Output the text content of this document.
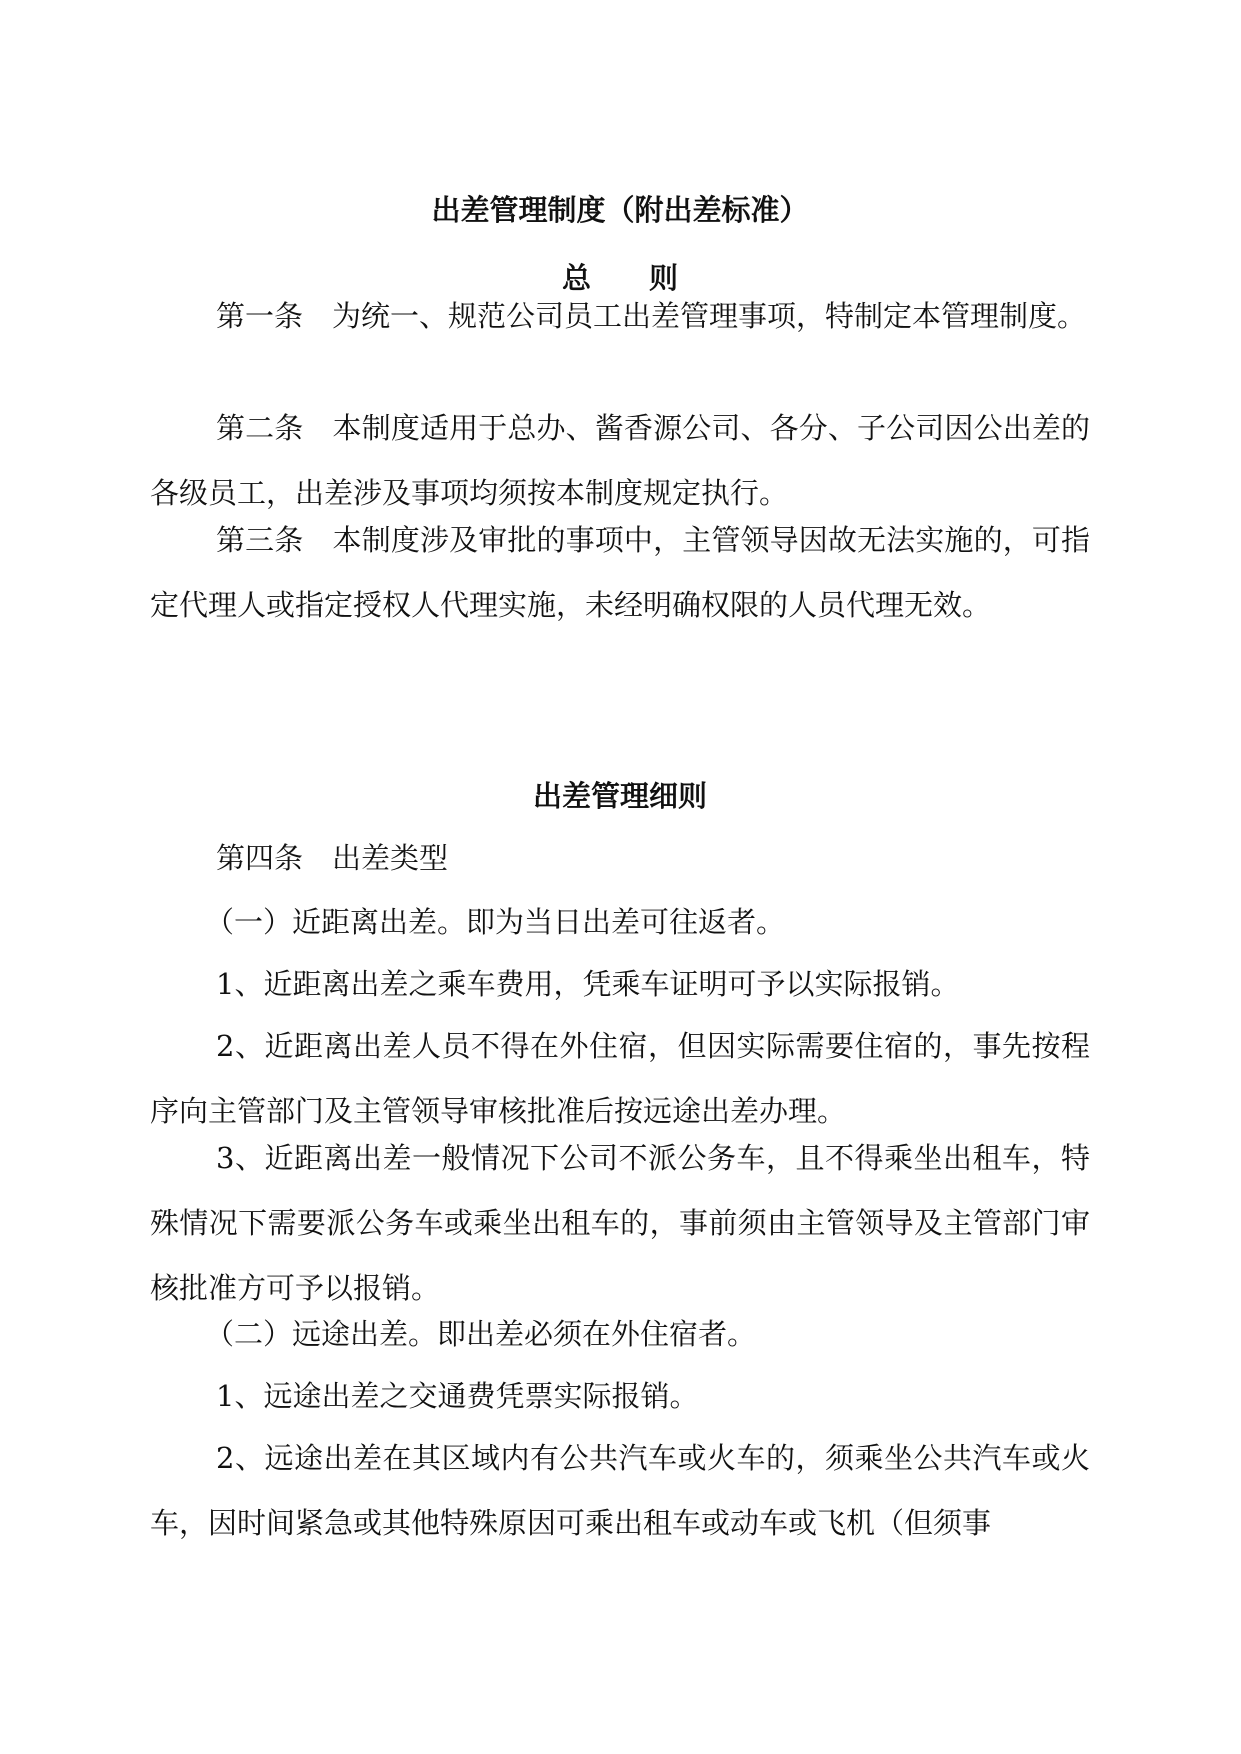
出差管理制度（附出差标准）
总　　则

第一条 为统一、规范公司员工出差管理事项，特制定本管理制度。

第二条 本制度适用于总办、酱香源公司、各分、子公司因公出差的各级员工，出差涉及事项均须按本制度规定执行。

第三条 本制度涉及审批的事项中，主管领导因故无法实施的，可指定代理人或指定授权人代理实施，未经明确权限的人员代理无效。

出差管理细则

第四条 出差类型

（一）近距离出差。即为当日出差可往返者。

1、近距离出差之乘车费用，凭乘车证明可予以实际报销。

2、近距离出差人员不得在外住宿，但因实际需要住宿的，事先按程序向主管部门及主管领导审核批准后按远途出差办理。

3、近距离出差一般情况下公司不派公务车，且不得乘坐出租车，特殊情况下需要派公务车或乘坐出租车的，事前须由主管领导及主管部门审核批准方可予以报销。

（二）远途出差。即出差必须在外住宿者。

1、远途出差之交通费凭票实际报销。

2、远途出差在其区域内有公共汽车或火车的，须乘坐公共汽车或火车，因时间紧急或其他特殊原因可乘出租车或动车或飞机（但须事
